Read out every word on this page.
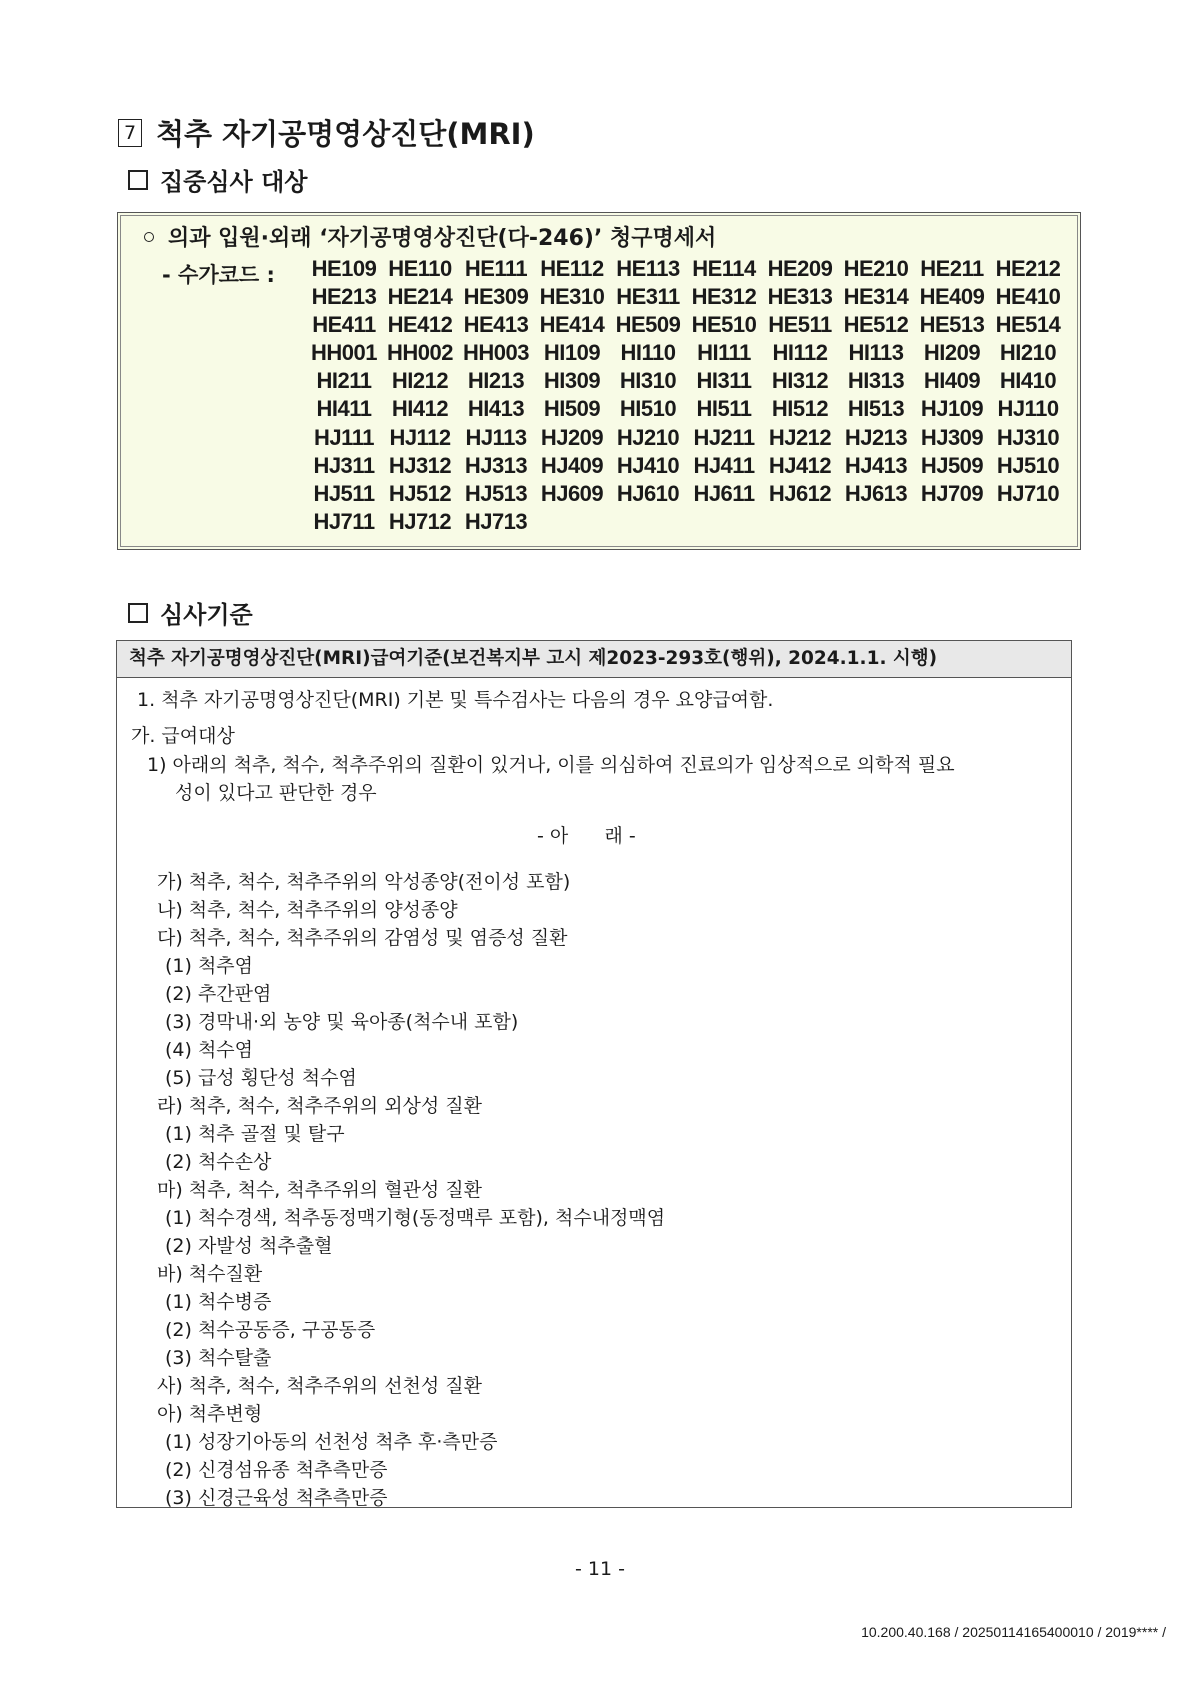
7 척추 자기공명영상진단(MRI)
집중심사 대상
의과 입원·외래 ‘자기공명영상진단(다-246)’ 청구명세서
- 수가코드 : HE109 HE110 HE111 HE112 HE113 HE114 HE209 HE210 HE211 HE212
HE213 HE214 HE309 HE310 HE311 HE312 HE313 HE314 HE409 HE410
HE411 HE412 HE413 HE414 HE509 HE510 HE511 HE512 HE513 HE514
HH001 HH002 HH003 HI109 HI110 HI111 HI112 HI113 HI209 HI210
HI211 HI212 HI213 HI309 HI310 HI311 HI312 HI313 HI409 HI410
HI411 HI412 HI413 HI509 HI510 HI511 HI512 HI513 HJ109 HJ110
HJ111 HJ112 HJ113 HJ209 HJ210 HJ211 HJ212 HJ213 HJ309 HJ310
HJ311 HJ312 HJ313 HJ409 HJ410 HJ411 HJ412 HJ413 HJ509 HJ510
HJ511 HJ512 HJ513 HJ609 HJ610 HJ611 HJ612 HJ613 HJ709 HJ710
HJ711 HJ712 HJ713
심사기준
척추 자기공명영상진단(MRI)급여기준(보건복지부 고시 제2023-293호(행위), 2024.1.1. 시행)
1. 척추 자기공명영상진단(MRI) 기본 및 특수검사는 다음의 경우 요양급여함.
가. 급여대상
1) 아래의 척추, 척수, 척추주위의 질환이 있거나, 이를 의심하여 진료의가 임상적으로 의학적 필요
성이 있다고 판단한 경우
- 아      래 -
가) 척추, 척수, 척추주위의 악성종양(전이성 포함)
나) 척추, 척수, 척추주위의 양성종양
다) 척추, 척수, 척추주위의 감염성 및 염증성 질환
(1) 척추염
(2) 추간판염
(3) 경막내·외 농양 및 육아종(척수내 포함)
(4) 척수염
(5) 급성 횡단성 척수염
라) 척추, 척수, 척추주위의 외상성 질환
(1) 척추 골절 및 탈구
(2) 척수손상
마) 척추, 척수, 척추주위의 혈관성 질환
(1) 척수경색, 척추동정맥기형(동정맥루 포함), 척수내정맥염
(2) 자발성 척추출혈
바) 척수질환
(1) 척수병증
(2) 척수공동증, 구공동증
(3) 척수탈출
사) 척추, 척수, 척추주위의 선천성 질환
아) 척추변형
(1) 성장기아동의 선천성 척추 후·측만증
(2) 신경섬유종 척추측만증
(3) 신경근육성 척추측만증
- 11 -
10.200.40.168 / 20250114165400010 / 2019**** /
